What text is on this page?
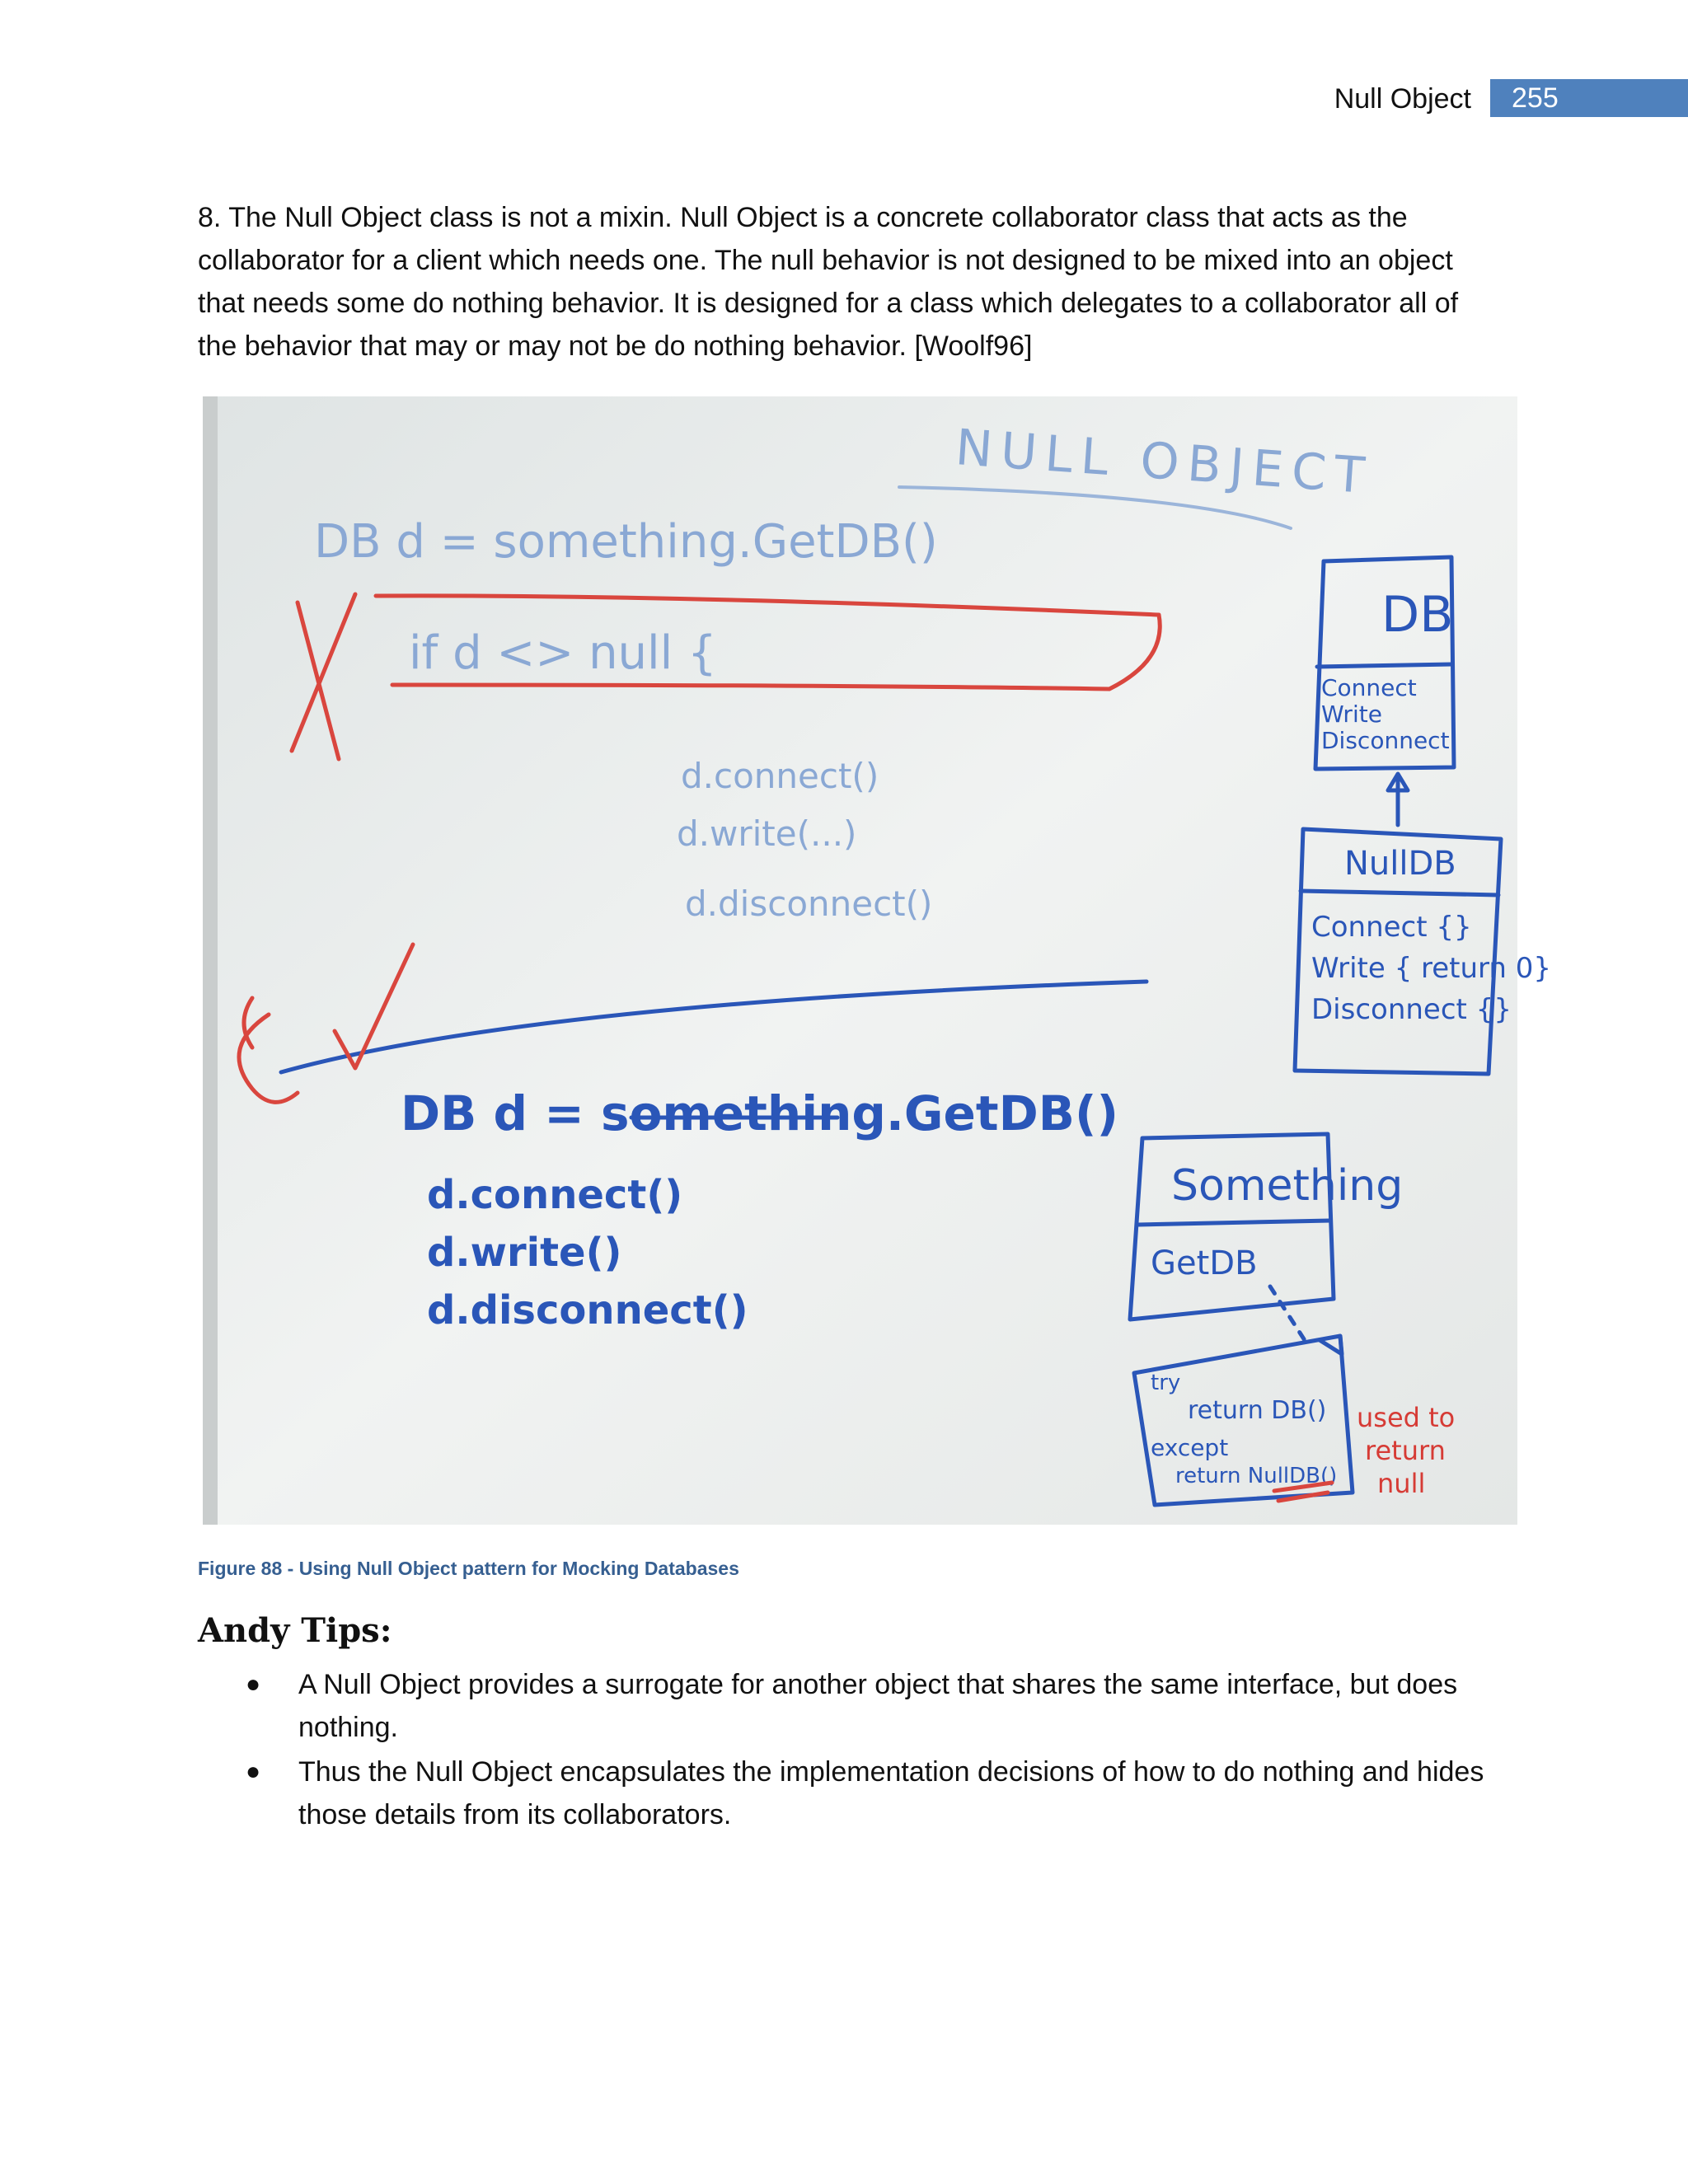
Null Object	255

8. The Null Object class is not a mixin. Null Object is a concrete collaborator class that acts as the collaborator for a client which needs one. The null behavior is not designed to be mixed into an object that needs some do nothing behavior. It is designed for a class which delegates to a collaborator all of the behavior that may or may not be do nothing behavior. [Woolf96]

NULL OBJECT
DB d = something.GetDB()
if d <> null {
d.connect()
d.write(...)
d.disconnect()
DB d = something.GetDB()
d.connect()
d.write()
d.disconnect()
DB
Connect
Write
Disconnect
NullDB
Connect {}
Write { return 0}
Disconnect {}
Something
GetDB
try
return DB()
except
return NullDB()
used to
return
null
Figure 88 - Using Null Object pattern for Mocking Databases
Andy Tips:
● A Null Object provides a surrogate for another object that shares the same interface, but does nothing.
● Thus the Null Object encapsulates the implementation decisions of how to do nothing and hides those details from its collaborators.
